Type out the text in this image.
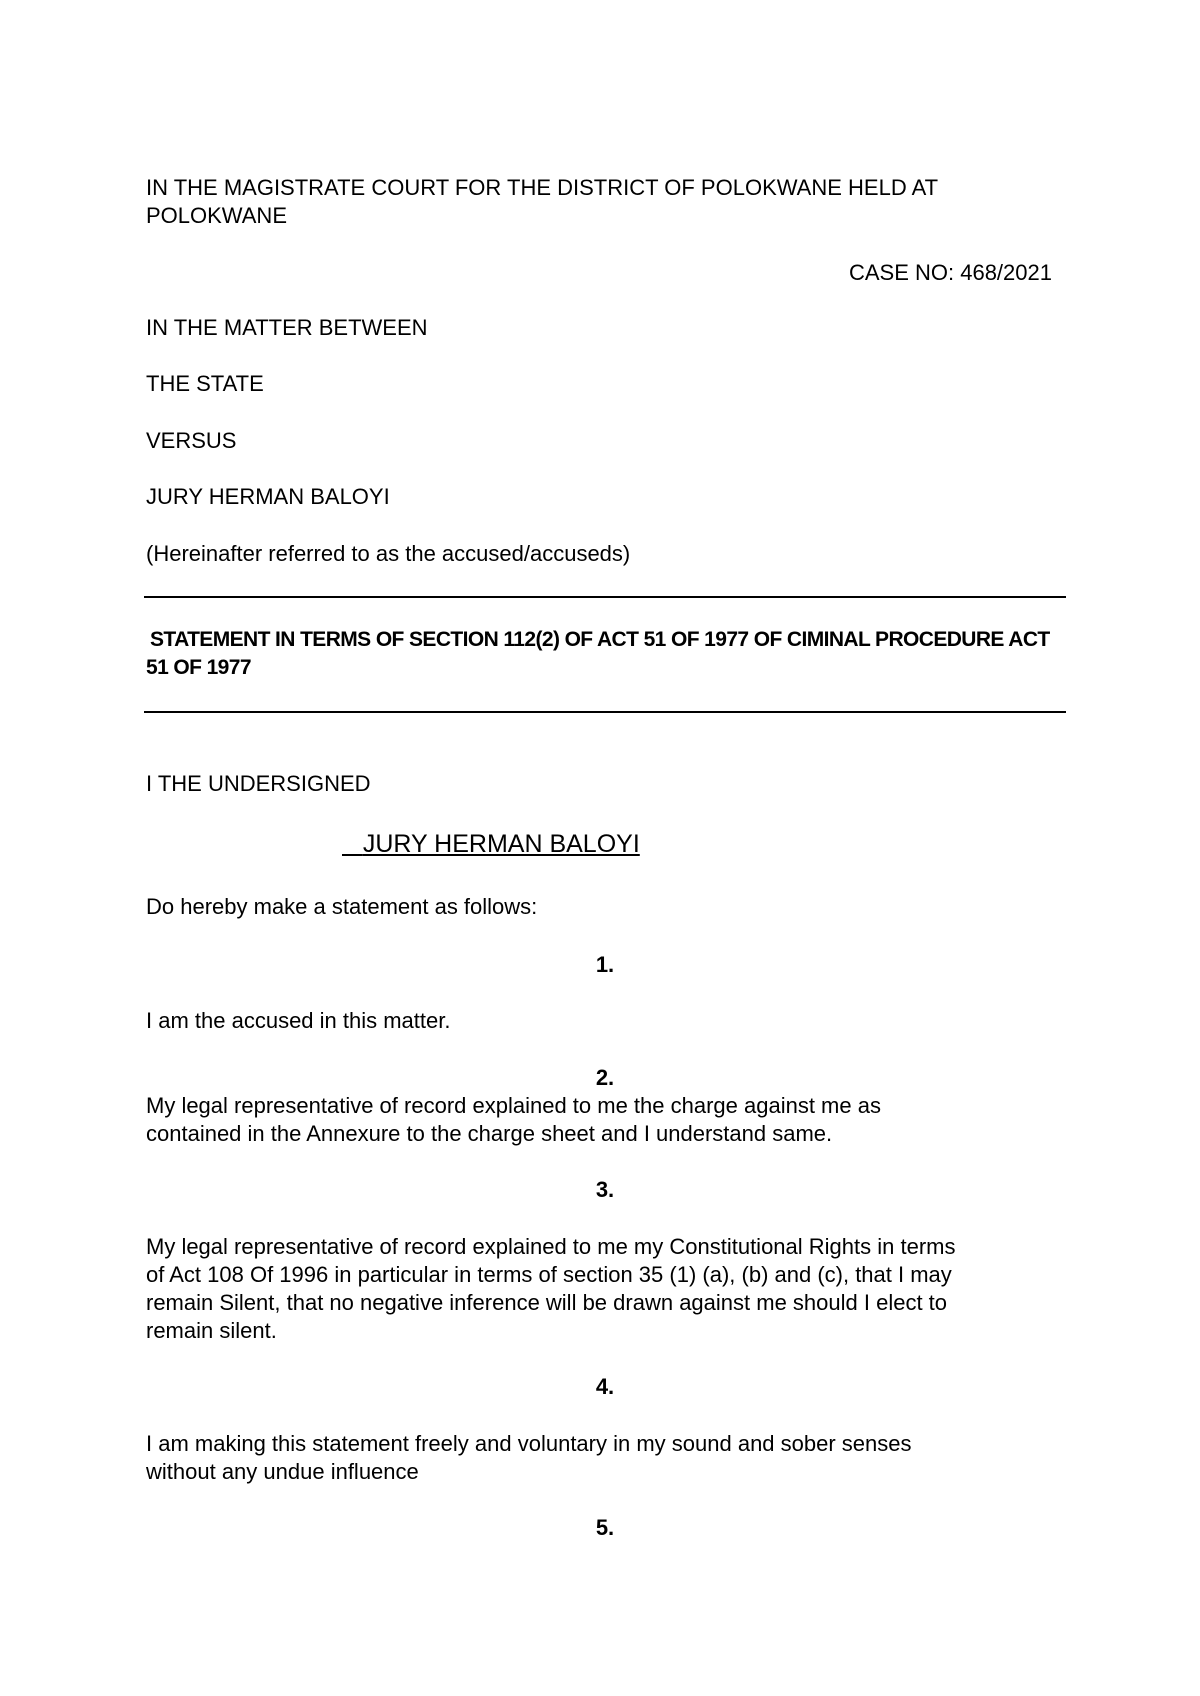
IN THE MAGISTRATE COURT FOR THE DISTRICT OF POLOKWANE HELD AT

POLOKWANE

CASE NO: 468/2021

IN THE MATTER BETWEEN

THE STATE

VERSUS

JURY HERMAN BALOYI

(Hereinafter referred to as the accused/accuseds)

STATEMENT IN TERMS OF SECTION 112(2) OF ACT 51 OF 1977 OF CIMINAL PROCEDURE ACT

51 OF 1977

I THE UNDERSIGNED

JURY HERMAN BALOYI

Do hereby make a statement as follows:

1.

I am the accused in this matter.

2.

My legal representative of record explained to me the charge against me as

contained in the Annexure to the charge sheet and I understand same.

3.

My legal representative of record explained to me my Constitutional Rights in terms

of Act 108 Of 1996 in particular in terms of section 35 (1) (a), (b) and (c), that I may

remain Silent, that no negative inference will be drawn against me should I elect to

remain silent.

4.

I am making this statement freely and voluntary in my sound and sober senses

without any undue influence

5.
